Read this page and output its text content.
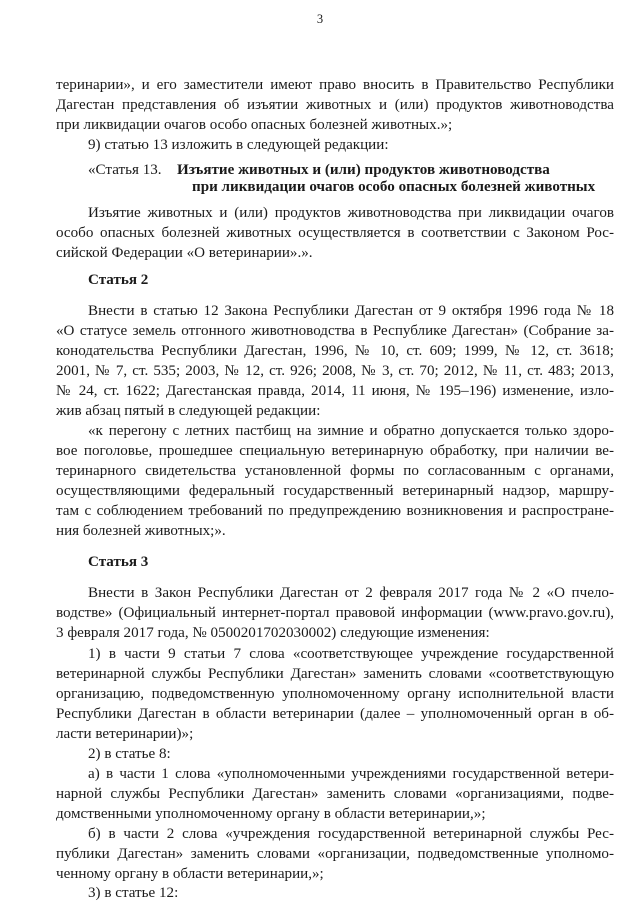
3
теринарии», и его заместители имеют право вносить в Правительство Республики
Дагестан представления об изъятии животных и (или) продуктов животноводства
при ликвидации очагов особо опасных болезней животных.»;
9) статью 13 изложить в следующей редакции:
«Статья 13. Изъятие животных и (или) продуктов животноводства
при ликвидации очагов особо опасных болезней животных
Изъятие животных и (или) продуктов животноводства при ликвидации очагов
особо опасных болезней животных осуществляется в соответствии с Законом Рос-
сийской Федерации «О ветеринарии».».
Статья 2
Внести в статью 12 Закона Республики Дагестан от 9 октября 1996 года № 18
«О статусе земель отгонного животноводства в Республике Дагестан» (Собрание за-
конодательства Республики Дагестан, 1996, № 10, ст. 609; 1999, № 12, ст. 3618;
2001, № 7, ст. 535; 2003, № 12, ст. 926; 2008, № 3, ст. 70; 2012, № 11, ст. 483; 2013,
№ 24, ст. 1622; Дагестанская правда, 2014, 11 июня, № 195–196) изменение, изло-
жив абзац пятый в следующей редакции:
«к перегону с летних пастбищ на зимние и обратно допускается только здоро-
вое поголовье, прошедшее специальную ветеринарную обработку, при наличии ве-
теринарного свидетельства установленной формы по согласованным с органами,
осуществляющими федеральный государственный ветеринарный надзор, маршру-
там с соблюдением требований по предупреждению возникновения и распростране-
ния болезней животных;».
Статья 3
Внести в Закон Республики Дагестан от 2 февраля 2017 года № 2 «О пчело-
водстве» (Официальный интернет-портал правовой информации (www.pravo.gov.ru),
3 февраля 2017 года, № 0500201702030002) следующие изменения:
1) в части 9 статьи 7 слова «соответствующее учреждение государственной
ветеринарной службы Республики Дагестан» заменить словами «соответствующую
организацию, подведомственную уполномоченному органу исполнительной власти
Республики Дагестан в области ветеринарии (далее – уполномоченный орган в об-
ласти ветеринарии)»;
2) в статье 8:
а) в части 1 слова «уполномоченными учреждениями государственной ветери-
нарной службы Республики Дагестан» заменить словами «организациями, подве-
домственными уполномоченному органу в области ветеринарии,»;
б) в части 2 слова «учреждения государственной ветеринарной службы Рес-
публики Дагестан» заменить словами «организации, подведомственные уполномо-
ченному органу в области ветеринарии,»;
3) в статье 12:
